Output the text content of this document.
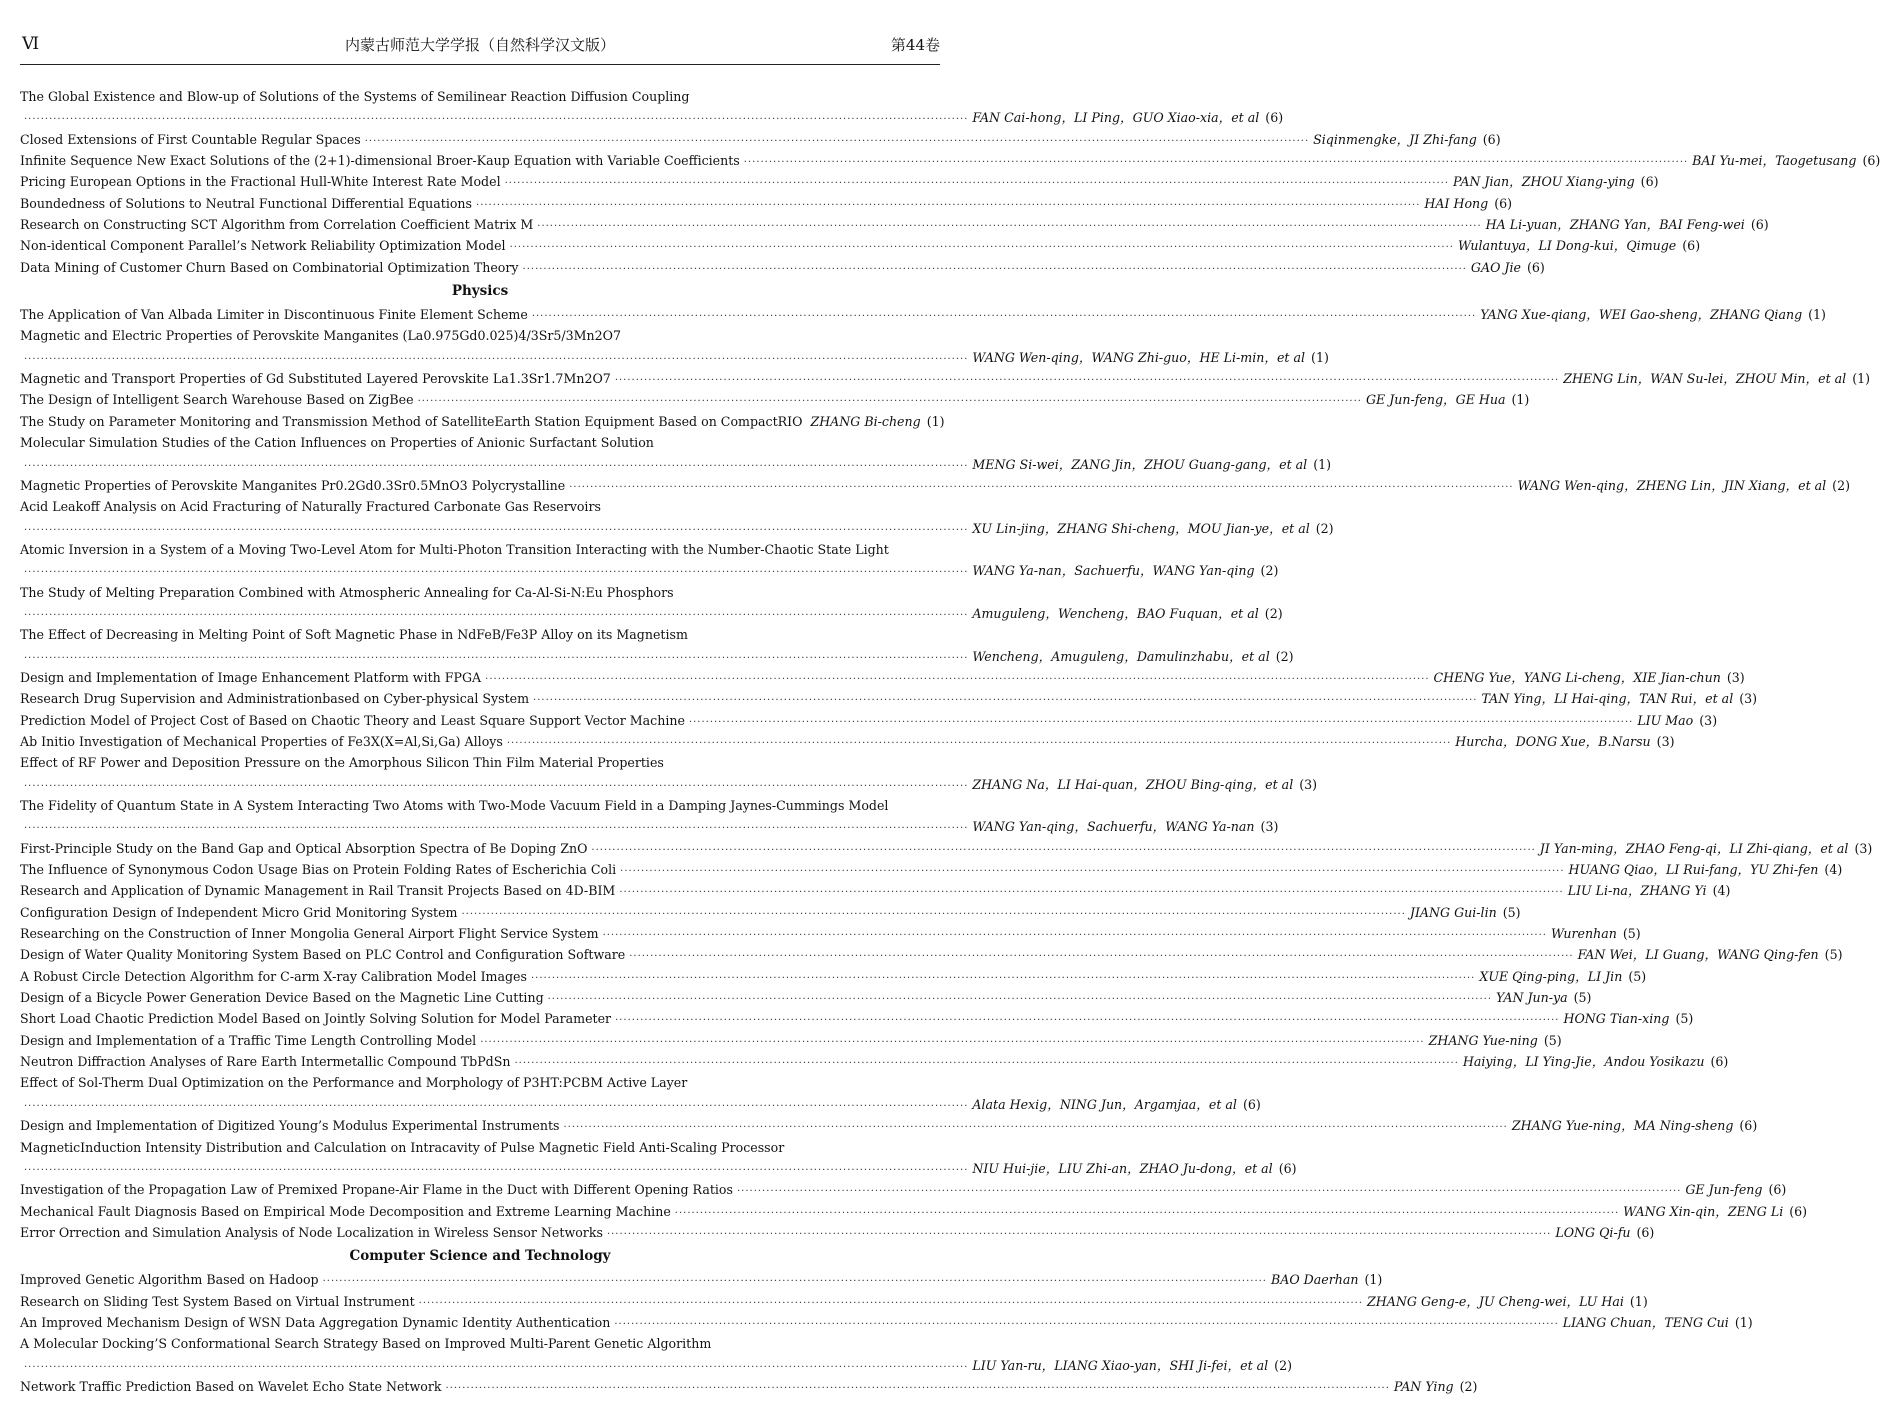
Ⅵ	内蒙古师范大学学报（自然科学汉文版）	第44卷
The Global Existence and Blow-up of Solutions of the Systems of Semilinear Reaction Diffusion Coupling
·····
FAN Cai-hong，LI Ping，GUO Xiao-xia，et al (6)
Closed Extensions of First Countable Regular Spaces ·····	Siqinmengke，JI Zhi-fang (6)
Infinite Sequence New Exact Solutions of the (2+1)-dimensional Broer-Kaup Equation with Variable Coefficients ·····	BAI Yu-mei，Taogetusang (6)
Pricing European Options in the Fractional Hull-White Interest Rate Model ·····	PAN Jian，ZHOU Xiang-ying (6)
Boundedness of Solutions to Neutral Functional Differential Equations ·····	HAI Hong (6)
Research on Constructing SCT Algorithm from Correlation Coefficient Matrix M ·····	HA Li-yuan，ZHANG Yan，BAI Feng-wei (6)
Non-identical Component Parallel’s Network Reliability Optimization Model ·····	Wulantuya，LI Dong-kui，Qimuge (6)
Data Mining of Customer Churn Based on Combinatorial Optimization Theory ·····	GAO Jie (6)
Physics
The Application of Van Albada Limiter in Discontinuous Finite Element Scheme ·····	YANG Xue-qiang，WEI Gao-sheng，ZHANG Qiang (1)
Magnetic and Electric Properties of Perovskite Manganites (La0.975Gd0.025)4/3Sr5/3Mn2O7
·····
WANG Wen-qing，WANG Zhi-guo，HE Li-min，et al (1)
Magnetic and Transport Properties of Gd Substituted Layered Perovskite La1.3Sr1.7Mn2O7 ·····	ZHENG Lin，WAN Su-lei，ZHOU Min，et al (1)
The Design of Intelligent Search Warehouse Based on ZigBee ·····	GE Jun-feng，GE Hua (1)
The Study on Parameter Monitoring and Transmission Method of SatelliteEarth Station Equipment Based on CompactRIO ZHANG Bi-cheng (1)
Molecular Simulation Studies of the Cation Influences on Properties of Anionic Surfactant Solution
·····
MENG Si-wei，ZANG Jin，ZHOU Guang-gang，et al (1)
Magnetic Properties of Perovskite Manganites Pr0.2Gd0.3Sr0.5MnO3 Polycrystalline ·····	WANG Wen-qing，ZHENG Lin，JIN Xiang，et al (2)
Acid Leakoff Analysis on Acid Fracturing of Naturally Fractured Carbonate Gas Reservoirs
·····
XU Lin-jing，ZHANG Shi-cheng，MOU Jian-ye，et al (2)
Atomic Inversion in a System of a Moving Two-Level Atom for Multi-Photon Transition Interacting with the Number-Chaotic State Light
·····
WANG Ya-nan，Sachuerfu，WANG Yan-qing (2)
The Study of Melting Preparation Combined with Atmospheric Annealing for Ca-Al-Si-N:Eu Phosphors
·····
Amuguleng，Wencheng，BAO Fuquan，et al (2)
The Effect of Decreasing in Melting Point of Soft Magnetic Phase in NdFeB/Fe3P Alloy on its Magnetism
·····
Wencheng，Amuguleng，Damulinzhabu，et al (2)
Design and Implementation of Image Enhancement Platform with FPGA ·····	CHENG Yue，YANG Li-cheng，XIE Jian-chun (3)
Research Drug Supervision and Administrationbased on Cyber-physical System ·····	TAN Ying，LI Hai-qing，TAN Rui，et al (3)
Prediction Model of Project Cost of Based on Chaotic Theory and Least Square Support Vector Machine ·····	LIU Mao (3)
Ab Initio Investigation of Mechanical Properties of Fe3X(X=Al,Si,Ga) Alloys ·····	Hurcha，DONG Xue，B.Narsu (3)
Effect of RF Power and Deposition Pressure on the Amorphous Silicon Thin Film Material Properties
·····
ZHANG Na，LI Hai-quan，ZHOU Bing-qing，et al (3)
The Fidelity of Quantum State in A System Interacting Two Atoms with Two-Mode Vacuum Field in a Damping Jaynes-Cummings Model
·····
WANG Yan-qing，Sachuerfu，WANG Ya-nan (3)
First-Principle Study on the Band Gap and Optical Absorption Spectra of Be Doping ZnO ·····	JI Yan-ming，ZHAO Feng-qi，LI Zhi-qiang，et al (3)
The Influence of Synonymous Codon Usage Bias on Protein Folding Rates of Escherichia Coli ·····	HUANG Qiao，LI Rui-fang，YU Zhi-fen (4)
Research and Application of Dynamic Management in Rail Transit Projects Based on 4D-BIM ·····	LIU Li-na，ZHANG Yi (4)
Configuration Design of Independent Micro Grid Monitoring System ·····	JIANG Gui-lin (5)
Researching on the Construction of Inner Mongolia General Airport Flight Service System ·····	Wurenhan (5)
Design of Water Quality Monitoring System Based on PLC Control and Configuration Software ·····	FAN Wei，LI Guang，WANG Qing-fen (5)
A Robust Circle Detection Algorithm for C-arm X-ray Calibration Model Images ·····	XUE Qing-ping，LI Jin (5)
Design of a Bicycle Power Generation Device Based on the Magnetic Line Cutting ·····	YAN Jun-ya (5)
Short Load Chaotic Prediction Model Based on Jointly Solving Solution for Model Parameter ·····	HONG Tian-xing (5)
Design and Implementation of a Traffic Time Length Controlling Model ·····	ZHANG Yue-ning (5)
Neutron Diffraction Analyses of Rare Earth Intermetallic Compound TbPdSn ·····	Haiying，LI Ying-Jie，Andou Yosikazu (6)
Effect of Sol-Therm Dual Optimization on the Performance and Morphology of P3HT:PCBM Active Layer
·····
Alata Hexig，NING Jun，Argamjaa，et al (6)
Design and Implementation of Digitized Young’s Modulus Experimental Instruments ·····	ZHANG Yue-ning，MA Ning-sheng (6)
MagneticInduction Intensity Distribution and Calculation on Intracavity of Pulse Magnetic Field Anti-Scaling Processor
·····
NIU Hui-jie，LIU Zhi-an，ZHAO Ju-dong，et al (6)
Investigation of the Propagation Law of Premixed Propane-Air Flame in the Duct with Different Opening Ratios ·····	GE Jun-feng (6)
Mechanical Fault Diagnosis Based on Empirical Mode Decomposition and Extreme Learning Machine ·····	WANG Xin-qin，ZENG Li (6)
Error Orrection and Simulation Analysis of Node Localization in Wireless Sensor Networks ·····	LONG Qi-fu (6)
Computer Science and Technology
Improved Genetic Algorithm Based on Hadoop ·····	BAO Daerhan (1)
Research on Sliding Test System Based on Virtual Instrument ·····	ZHANG Geng-e，JU Cheng-wei，LU Hai (1)
An Improved Mechanism Design of WSN Data Aggregation Dynamic Identity Authentication ·····	LIANG Chuan，TENG Cui (1)
A Molecular Docking’S Conformational Search Strategy Based on Improved Multi-Parent Genetic Algorithm
·····
LIU Yan-ru，LIANG Xiao-yan，SHI Ji-fei，et al (2)
Network Traffic Prediction Based on Wavelet Echo State Network ·····	PAN Ying (2)
